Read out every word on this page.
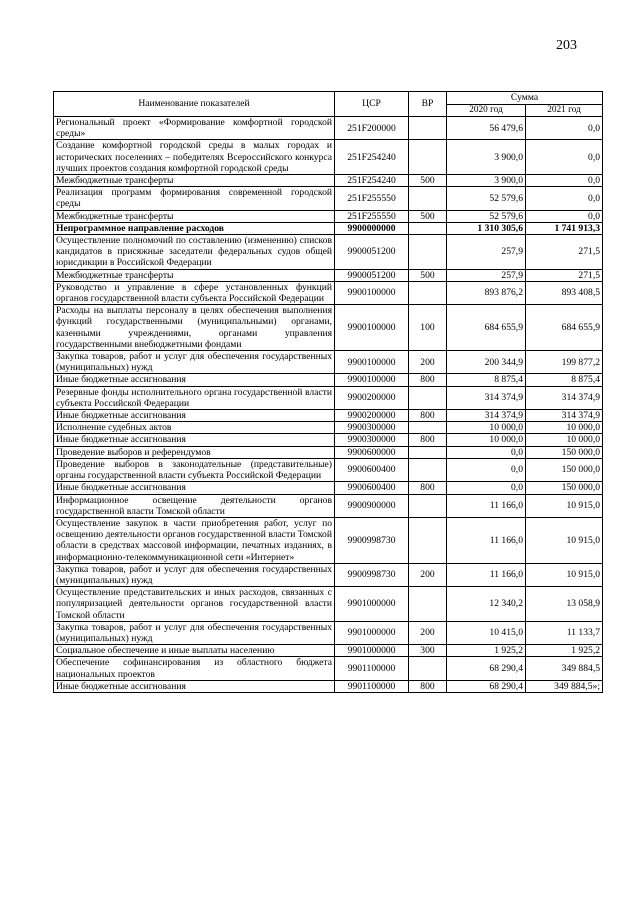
203
Наименование показателей	ЦСР	ВР	Сумма	
			2020 год	2021 год
Региональный проект «Формирование комфортной городской среды»	251F200000		56 479,6	0,0
Создание комфортной городской среды в малых городах и исторических поселениях – победителях Всероссийского конкурса лучших проектов создания комфортной городской среды	251F254240		3 900,0	0,0
Межбюджетные трансферты	251F254240	500	3 900,0	0,0
Реализация программ формирования современной городской среды	251F255550		52 579,6	0,0
Межбюджетные трансферты	251F255550	500	52 579,6	0,0
Непрограммное направление расходов	9900000000		1 310 305,6	1 741 913,3
Осуществление полномочий по составлению (изменению) списков кандидатов в присяжные заседатели федеральных судов общей юрисдикции в Российской Федерации	9900051200		257,9	271,5
Межбюджетные трансферты	9900051200	500	257,9	271,5
Руководство и управление в сфере установленных функций органов государственной власти субъекта Российской Федерации	9900100000		893 876,2	893 408,5
Расходы на выплаты персоналу в целях обеспечения выполнения функций государственными (муниципальными) органами, казенными учреждениями, органами управления государственными внебюджетными фондами	9900100000	100	684 655,9	684 655,9
Закупка товаров, работ и услуг для обеспечения государственных (муниципальных) нужд	9900100000	200	200 344,9	199 877,2
Иные бюджетные ассигнования	9900100000	800	8 875,4	8 875,4
Резервные фонды исполнительного органа государственной власти субъекта Российской Федерации	9900200000		314 374,9	314 374,9
Иные бюджетные ассигнования	9900200000	800	314 374,9	314 374,9
Исполнение судебных актов	9900300000		10 000,0	10 000,0
Иные бюджетные ассигнования	9900300000	800	10 000,0	10 000,0
Проведение выборов и референдумов	9900600000		0,0	150 000,0
Проведение выборов в законодательные (представительные) органы государственной власти субъекта Российской Федерации	9900600400		0,0	150 000,0
Иные бюджетные ассигнования	9900600400	800	0,0	150 000,0
Информационное освещение деятельности органов государственной власти Томской области	9900900000		11 166,0	10 915,0
Осуществление закупок в части приобретения работ, услуг по освещению деятельности органов государственной власти Томской области в средствах массовой информации, печатных изданиях, в информационно-телекоммуникационной сети «Интернет»	9900998730		11 166,0	10 915,0
Закупка товаров, работ и услуг для обеспечения государственных (муниципальных) нужд	9900998730	200	11 166,0	10 915,0
Осуществление представительских и иных расходов, связанных с популяризацией деятельности органов государственной власти Томской области	9901000000		12 340,2	13 058,9
Закупка товаров, работ и услуг для обеспечения государственных (муниципальных) нужд	9901000000	200	10 415,0	11 133,7
Социальное обеспечение и иные выплаты населению	9901000000	300	1 925,2	1 925,2
Обеспечение софинансирования из областного бюджета национальных проектов	9901100000		68 290,4	349 884,5
Иные бюджетные ассигнования	9901100000	800	68 290,4	349 884,5»;
